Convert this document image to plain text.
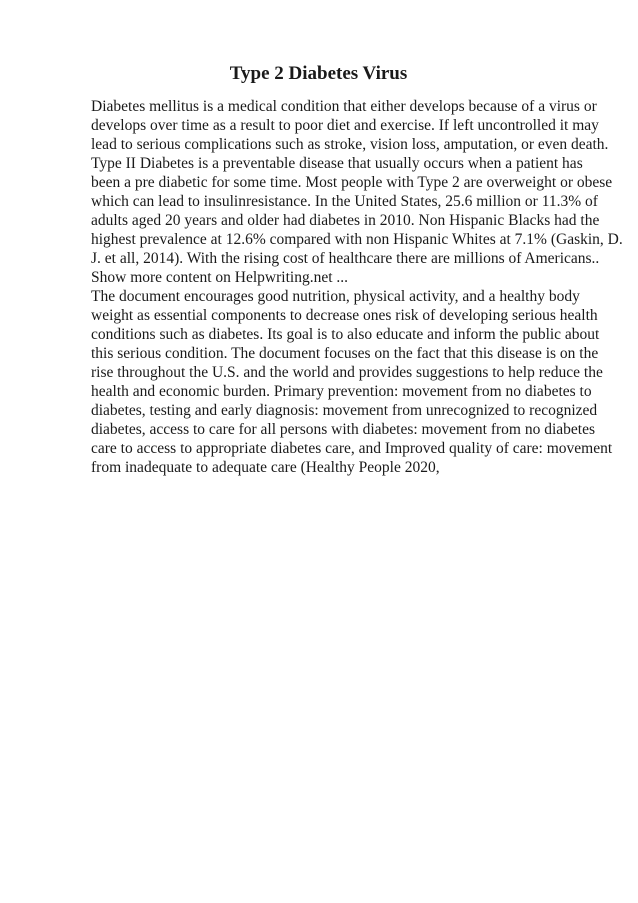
Type 2 Diabetes Virus
Diabetes mellitus is a medical condition that either develops because of a virus or
develops over time as a result to poor diet and exercise. If left uncontrolled it may
lead to serious complications such as stroke, vision loss, amputation, or even death.
Type II Diabetes is a preventable disease that usually occurs when a patient has
been a pre diabetic for some time. Most people with Type 2 are overweight or obese
which can lead to insulinresistance. In the United States, 25.6 million or 11.3% of
adults aged 20 years and older had diabetes in 2010. Non Hispanic Blacks had the
highest prevalence at 12.6% compared with non Hispanic Whites at 7.1% (Gaskin, D.
J. et all, 2014). With the rising cost of healthcare there are millions of Americans..
Show more content on Helpwriting.net ...
The document encourages good nutrition, physical activity, and a healthy body
weight as essential components to decrease ones risk of developing serious health
conditions such as diabetes. Its goal is to also educate and inform the public about
this serious condition. The document focuses on the fact that this disease is on the
rise throughout the U.S. and the world and provides suggestions to help reduce the
health and economic burden. Primary prevention: movement from no diabetes to
diabetes, testing and early diagnosis: movement from unrecognized to recognized
diabetes, access to care for all persons with diabetes: movement from no diabetes
care to access to appropriate diabetes care, and Improved quality of care: movement
from inadequate to adequate care (Healthy People 2020,
